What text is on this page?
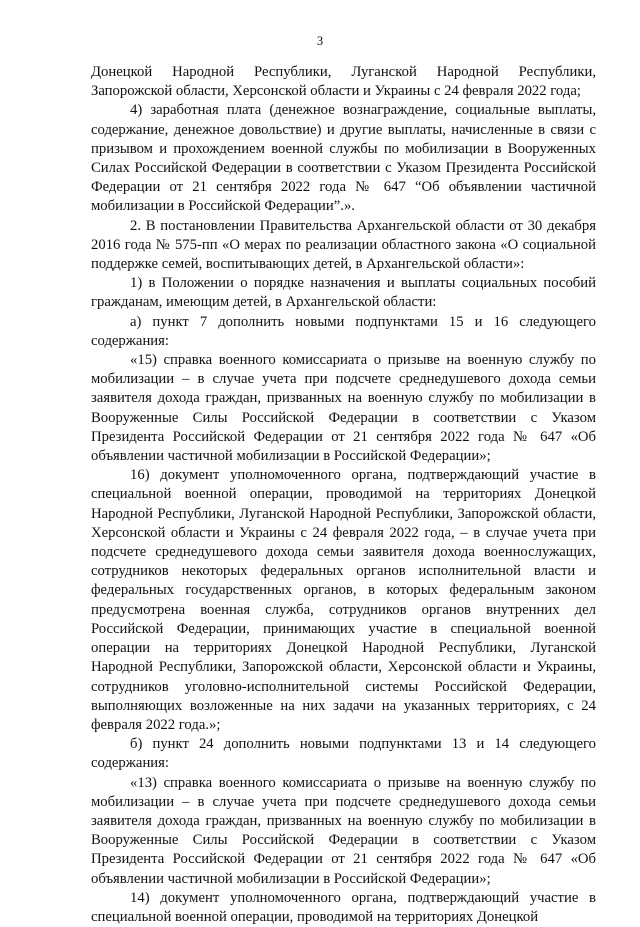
3

Донецкой Народной Республики, Луганской Народной Республики, Запорожской области, Херсонской области и Украины с 24 февраля 2022 года;

4) заработная плата (денежное вознаграждение, социальные выплаты, содержание, денежное довольствие) и другие выплаты, начисленные в связи с призывом и прохождением военной службы по мобилизации в Вооруженных Силах Российской Федерации в соответствии с Указом Президента Российской Федерации от 21 сентября 2022 года № 647 “Об объявлении частичной мобилизации в Российской Федерации”.».

2. В постановлении Правительства Архангельской области от 30 декабря 2016 года № 575-пп «О мерах по реализации областного закона «О социальной поддержке семей, воспитывающих детей, в Архангельской области»:

1) в Положении о порядке назначения и выплаты социальных пособий гражданам, имеющим детей, в Архангельской области:

а) пункт 7 дополнить новыми подпунктами 15 и 16 следующего содержания:

«15) справка военного комиссариата о призыве на военную службу по мобилизации – в случае учета при подсчете среднедушевого дохода семьи заявителя дохода граждан, призванных на военную службу по мобилизации в Вооруженные Силы Российской Федерации в соответствии с Указом Президента Российской Федерации от 21 сентября 2022 года № 647 «Об объявлении частичной мобилизации в Российской Федерации»;

16) документ уполномоченного органа, подтверждающий участие в специальной военной операции, проводимой на территориях Донецкой Народной Республики, Луганской Народной Республики, Запорожской области, Херсонской области и Украины с 24 февраля 2022 года, – в случае учета при подсчете среднедушевого дохода семьи заявителя дохода военнослужащих, сотрудников некоторых федеральных органов исполнительной власти и федеральных государственных органов, в которых федеральным законом предусмотрена военная служба, сотрудников органов внутренних дел Российской Федерации, принимающих участие в специальной военной операции на территориях Донецкой Народной Республики, Луганской Народной Республики, Запорожской области, Херсонской области и Украины, сотрудников уголовно-исполнительной системы Российской Федерации, выполняющих возложенные на них задачи на указанных территориях, с 24 февраля 2022 года.»;

б) пункт 24 дополнить новыми подпунктами 13 и 14 следующего содержания:

«13) справка военного комиссариата о призыве на военную службу по мобилизации – в случае учета при подсчете среднедушевого дохода семьи заявителя дохода граждан, призванных на военную службу по мобилизации в Вооруженные Силы Российской Федерации в соответствии с Указом Президента Российской Федерации от 21 сентября 2022 года № 647 «Об объявлении частичной мобилизации в Российской Федерации»;

14) документ уполномоченного органа, подтверждающий участие в специальной военной операции, проводимой на территориях Донецкой
